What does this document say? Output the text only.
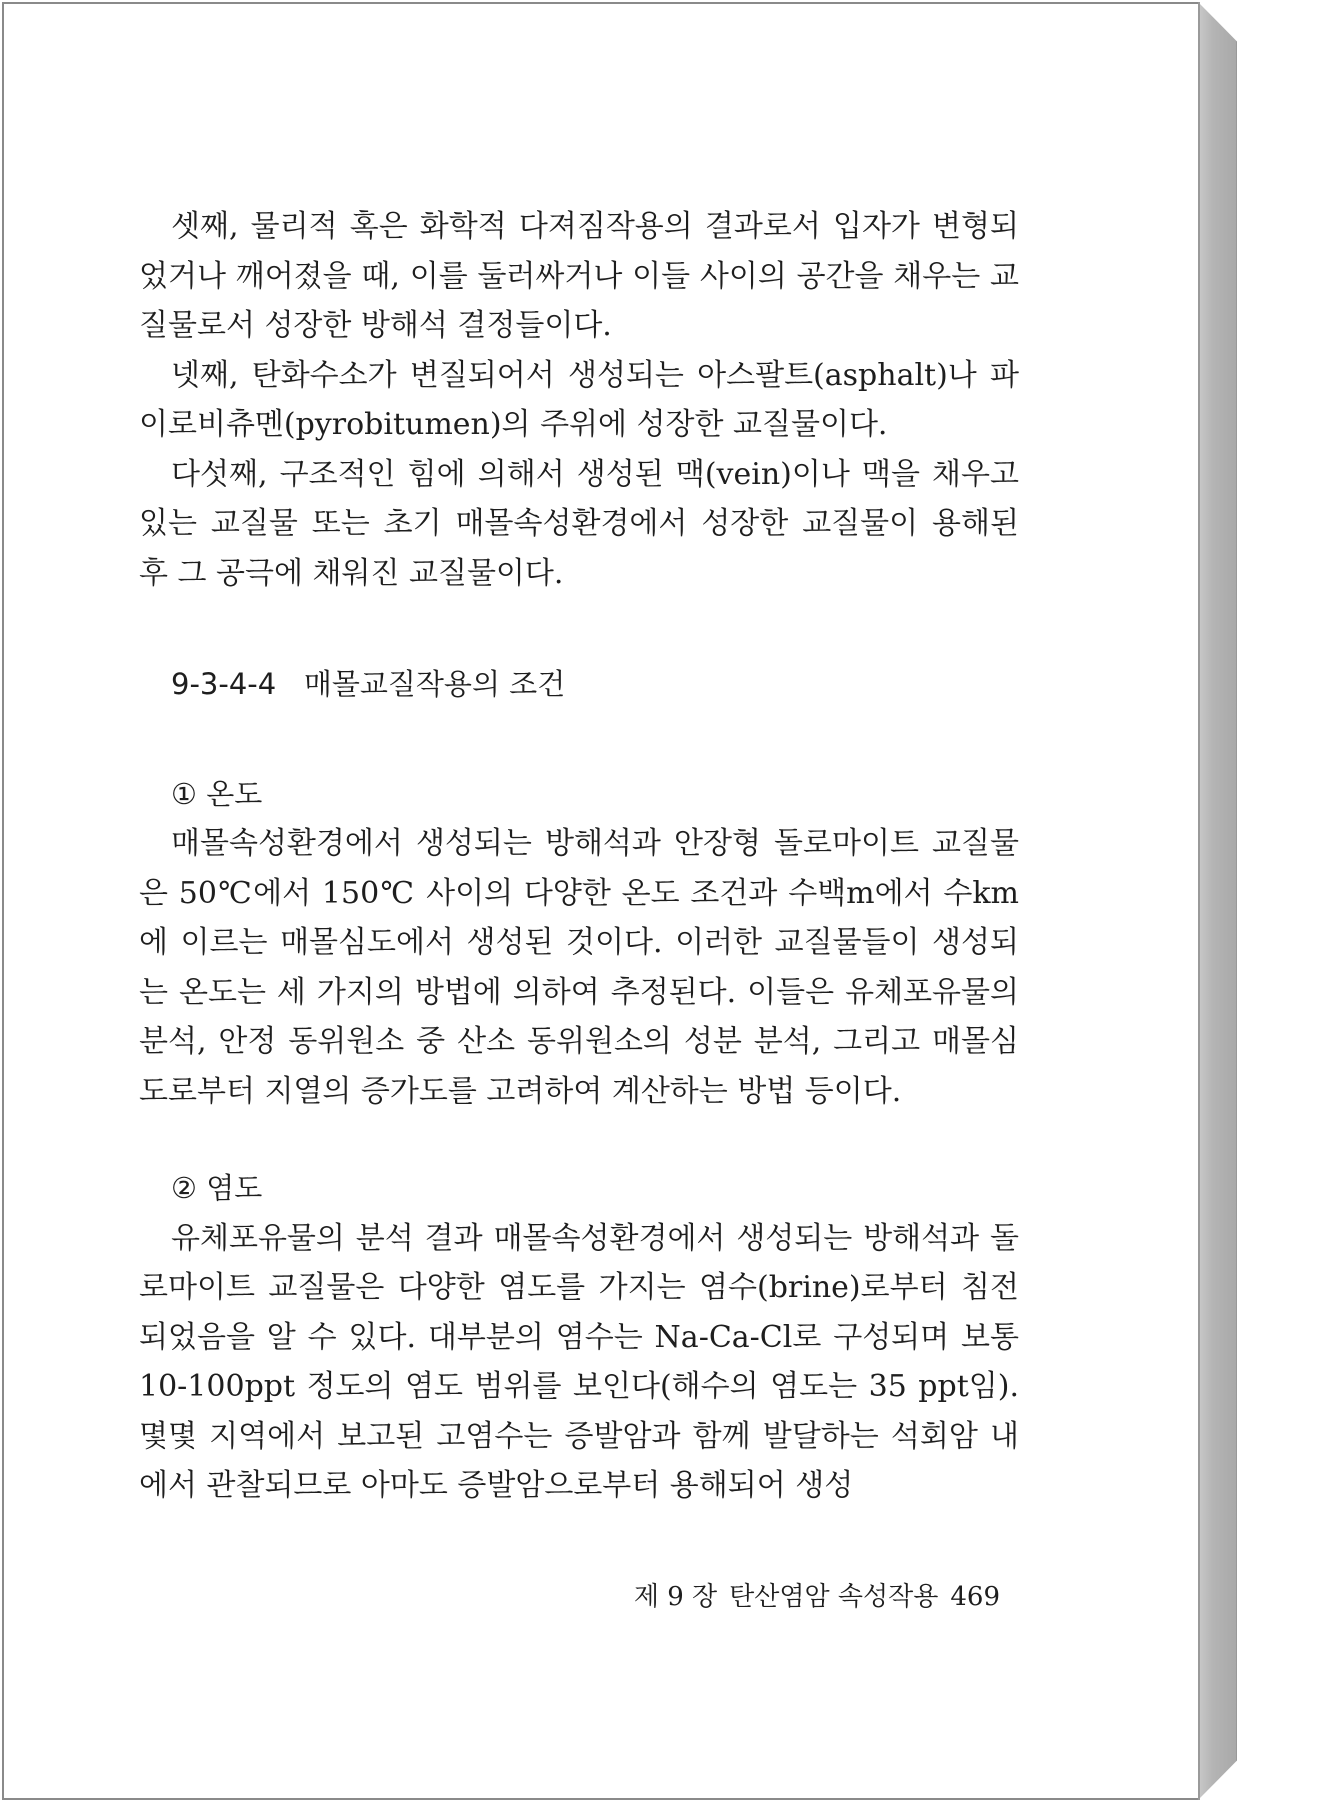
셋째, 물리적 혹은 화학적 다져짐작용의 결과로서 입자가 변형되었거나 깨어졌을 때, 이를 둘러싸거나 이들 사이의 공간을 채우는 교질물로서 성장한 방해석 결정들이다.

넷째, 탄화수소가 변질되어서 생성되는 아스팔트(asphalt)나 파이로비츄멘(pyrobitumen)의 주위에 성장한 교질물이다.

다섯째, 구조적인 힘에 의해서 생성된 맥(vein)이나 맥을 채우고 있는 교질물 또는 초기 매몰속성환경에서 성장한 교질물이 용해된 후 그 공극에 채워진 교질물이다.

9-3-4-4 매몰교질작용의 조건
① 온도

매몰속성환경에서 생성되는 방해석과 안장형 돌로마이트 교질물은 50℃에서 150℃ 사이의 다양한 온도 조건과 수백m에서 수km에 이르는 매몰심도에서 생성된 것이다. 이러한 교질물들이 생성되는 온도는 세 가지의 방법에 의하여 추정된다. 이들은 유체포유물의 분석, 안정 동위원소 중 산소 동위원소의 성분 분석, 그리고 매몰심도로부터 지열의 증가도를 고려하여 계산하는 방법 등이다.

② 염도

유체포유물의 분석 결과 매몰속성환경에서 생성되는 방해석과 돌로마이트 교질물은 다양한 염도를 가지는 염수(brine)로부터 침전되었음을 알 수 있다. 대부분의 염수는 Na-Ca-Cl로 구성되며 보통 10-100ppt 정도의 염도 범위를 보인다(해수의 염도는 35 ppt임). 몇몇 지역에서 보고된 고염수는 증발암과 함께 발달하는 석회암 내에서 관찰되므로 아마도 증발암으로부터 용해되어 생성

제 9 장 탄산염암 속성작용 469
